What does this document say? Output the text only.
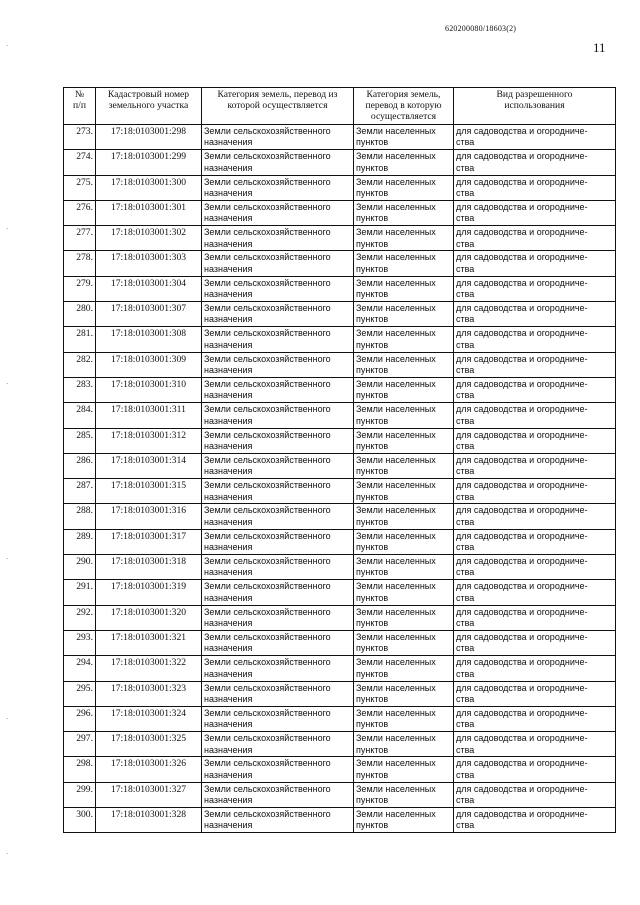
620200080/18603(2)
11
·
·
·
·
·
·
№
п/п	Кадастровый номер
земельного участка	Категория земель, перевод из
которой осуществляется	Категория земель,
перевод в которую
осуществляется	Вид разрешенного
использования

273.	17:18:0103001:298	Земли сельскохозяйственного
назначения	Земли населенных
пунктов	для садоводства и огородниче-
ства

274.	17:18:0103001:299	Земли сельскохозяйственного
назначения	Земли населенных
пунктов	для садоводства и огородниче-
ства

275.	17:18:0103001:300	Земли сельскохозяйственного
назначения	Земли населенных
пунктов	для садоводства и огородниче-
ства

276.	17:18:0103001:301	Земли сельскохозяйственного
назначения	Земли населенных
пунктов	для садоводства и огородниче-
ства

277.	17:18:0103001:302	Земли сельскохозяйственного
назначения	Земли населенных
пунктов	для садоводства и огородниче-
ства

278.	17:18:0103001:303	Земли сельскохозяйственного
назначения	Земли населенных
пунктов	для садоводства и огородниче-
ства

279.	17:18:0103001:304	Земли сельскохозяйственного
назначения	Земли населенных
пунктов	для садоводства и огородниче-
ства

280.	17:18:0103001:307	Земли сельскохозяйственного
назначения	Земли населенных
пунктов	для садоводства и огородниче-
ства

281.	17:18:0103001:308	Земли сельскохозяйственного
назначения	Земли населенных
пунктов	для садоводства и огородниче-
ства

282.	17:18:0103001:309	Земли сельскохозяйственного
назначения	Земли населенных
пунктов	для садоводства и огородниче-
ства

283.	17:18:0103001:310	Земли сельскохозяйственного
назначения	Земли населенных
пунктов	для садоводства и огородниче-
ства

284.	17:18:0103001:311	Земли сельскохозяйственного
назначения	Земли населенных
пунктов	для садоводства и огородниче-
ства

285.	17:18:0103001:312	Земли сельскохозяйственного
назначения	Земли населенных
пунктов	для садоводства и огородниче-
ства

286.	17:18:0103001:314	Земли сельскохозяйственного
назначения	Земли населенных
пунктов	для садоводства и огородниче-
ства

287.	17:18:0103001:315	Земли сельскохозяйственного
назначения	Земли населенных
пунктов	для садоводства и огородниче-
ства

288.	17:18:0103001:316	Земли сельскохозяйственного
назначения	Земли населенных
пунктов	для садоводства и огородниче-
ства

289.	17:18:0103001:317	Земли сельскохозяйственного
назначения	Земли населенных
пунктов	для садоводства и огородниче-
ства

290.	17:18:0103001:318	Земли сельскохозяйственного
назначения	Земли населенных
пунктов	для садоводства и огородниче-
ства

291.	17:18:0103001:319	Земли сельскохозяйственного
назначения	Земли населенных
пунктов	для садоводства и огородниче-
ства

292.	17:18:0103001:320	Земли сельскохозяйственного
назначения	Земли населенных
пунктов	для садоводства и огородниче-
ства

293.	17:18:0103001:321	Земли сельскохозяйственного
назначения	Земли населенных
пунктов	для садоводства и огородниче-
ства

294.	17:18:0103001:322	Земли сельскохозяйственного
назначения	Земли населенных
пунктов	для садоводства и огородниче-
ства

295.	17:18:0103001:323	Земли сельскохозяйственного
назначения	Земли населенных
пунктов	для садоводства и огородниче-
ства

296.	17:18:0103001:324	Земли сельскохозяйственного
назначения	Земли населенных
пунктов	для садоводства и огородниче-
ства

297.	17:18:0103001:325	Земли сельскохозяйственного
назначения	Земли населенных
пунктов	для садоводства и огородниче-
ства

298.	17:18:0103001:326	Земли сельскохозяйственного
назначения	Земли населенных
пунктов	для садоводства и огородниче-
ства

299.	17:18:0103001:327	Земли сельскохозяйственного
назначения	Земли населенных
пунктов	для садоводства и огородниче-
ства

300.	17:18:0103001:328	Земли сельскохозяйственного
назначения	Земли населенных
пунктов	для садоводства и огородниче-
ства
